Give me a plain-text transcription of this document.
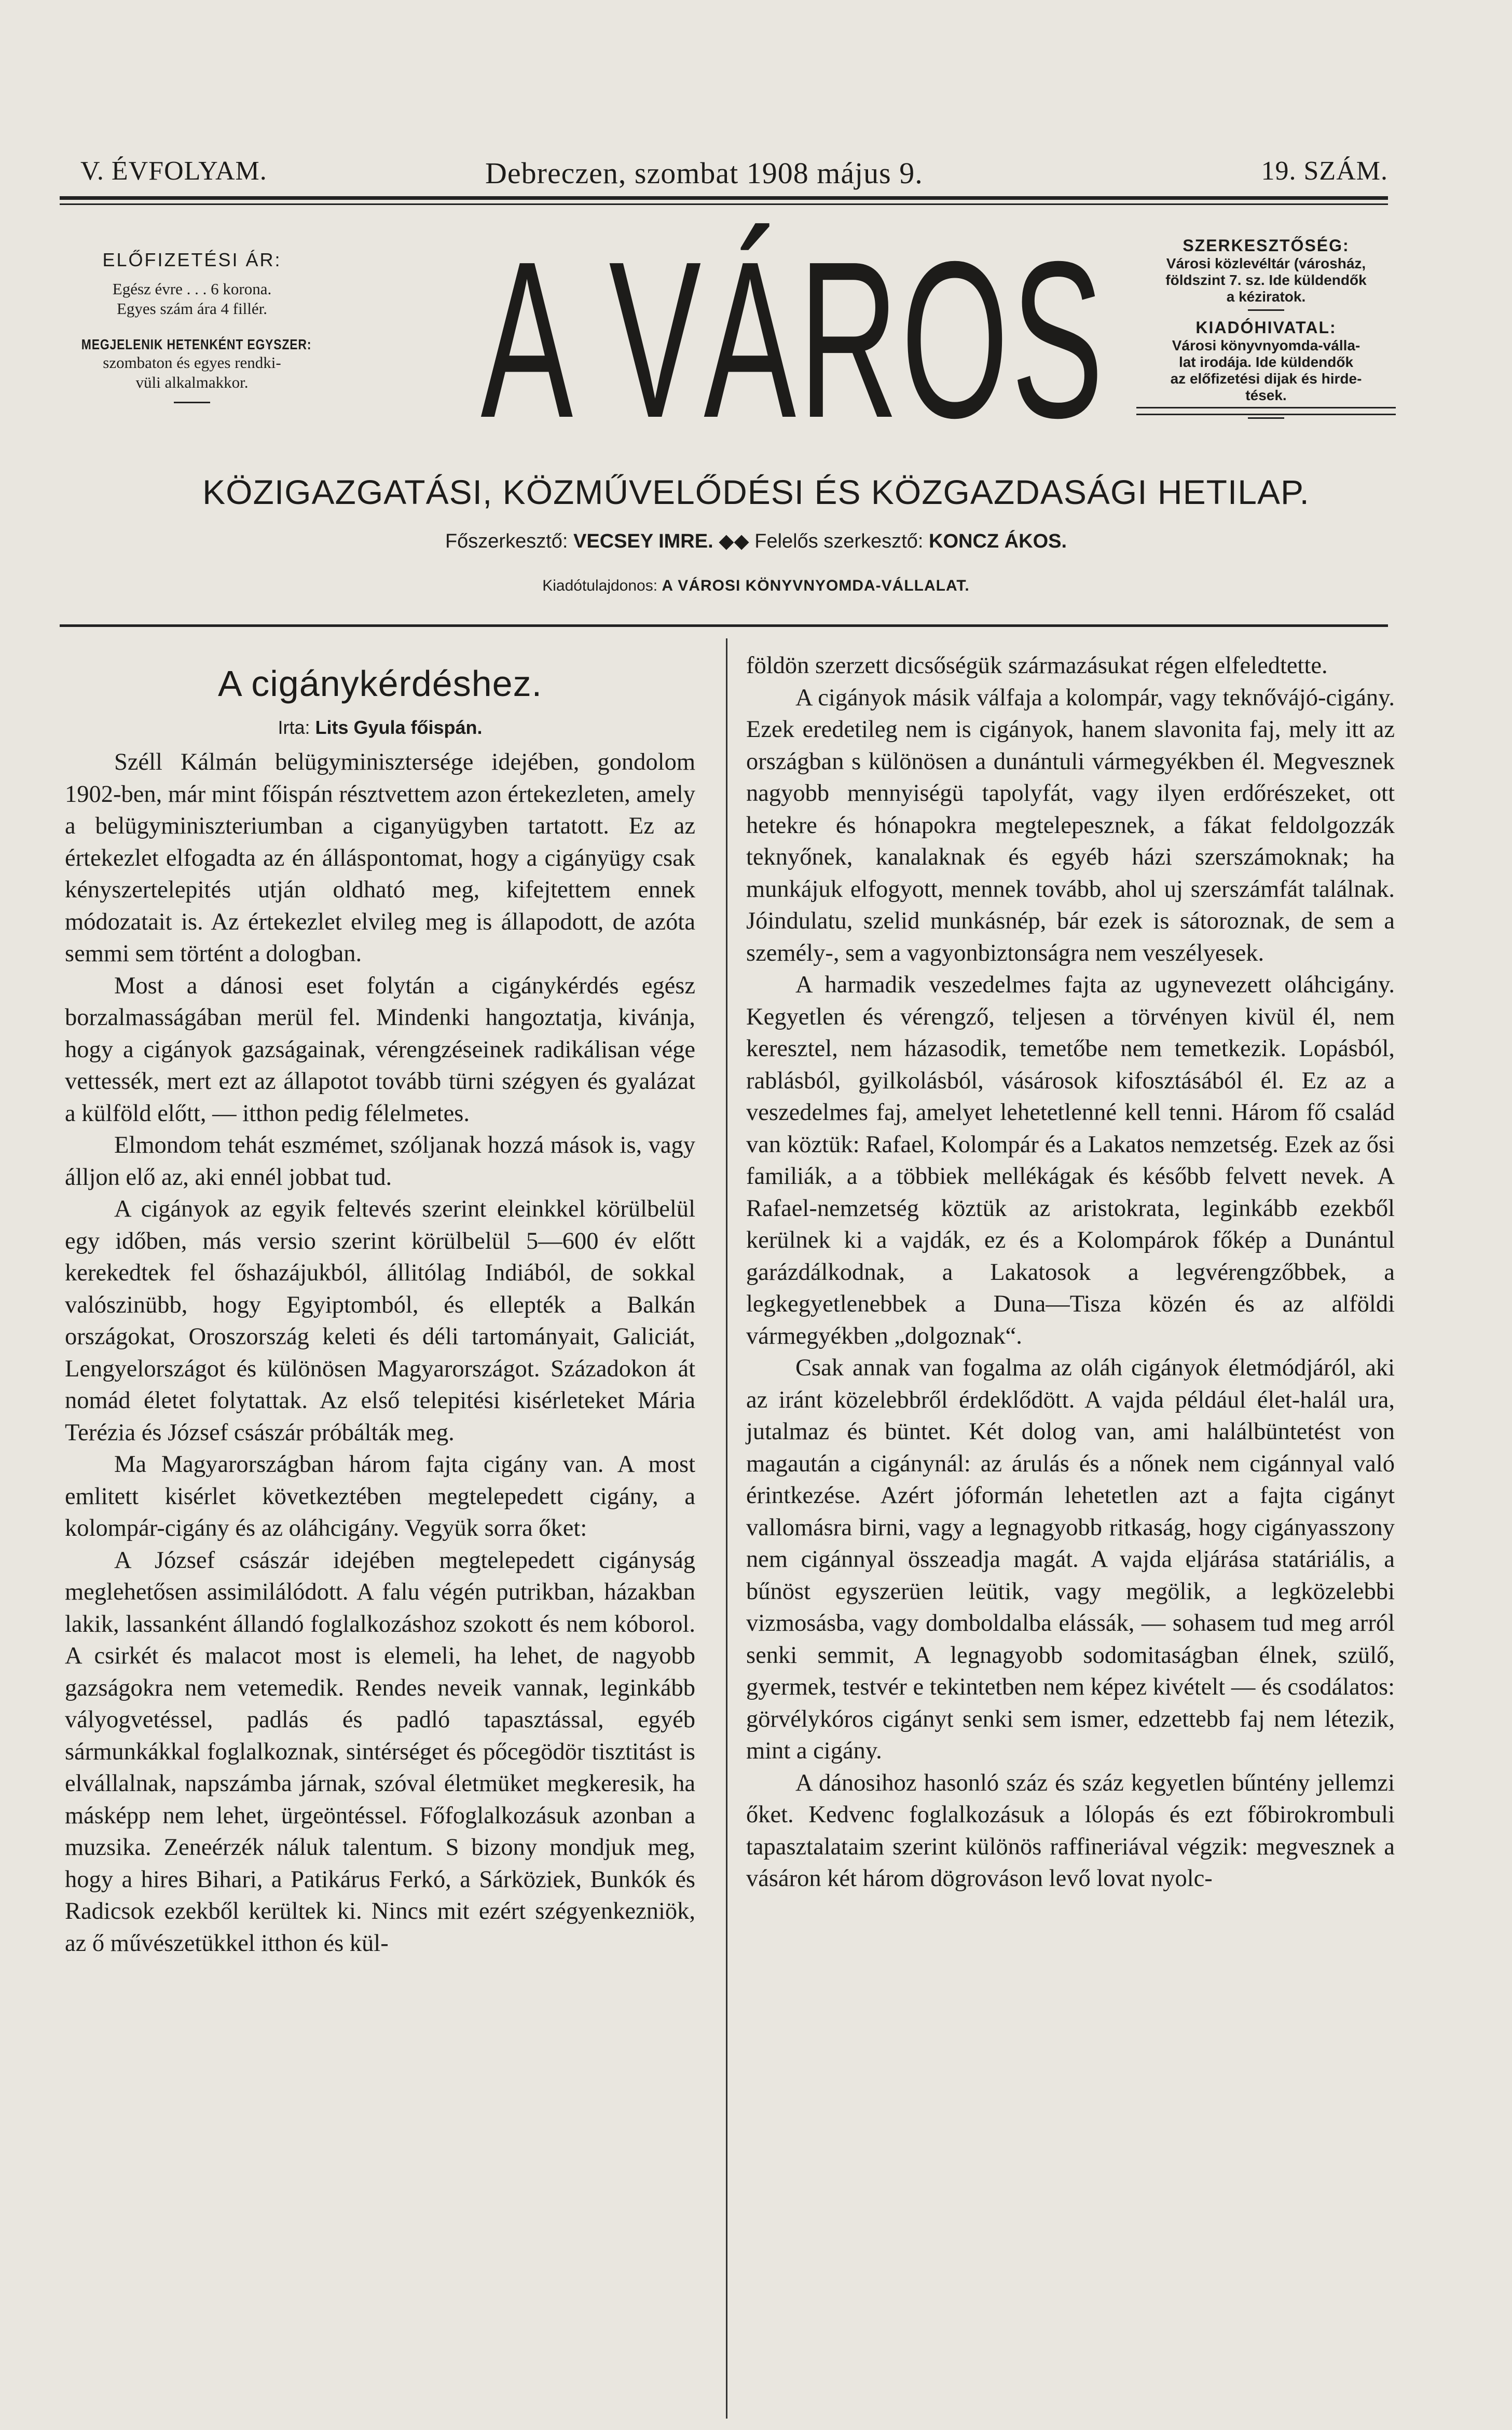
V. ÉVFOLYAM.	Debreczen, szombat 1908 május 9.	19. SZÁM.
ELŐFIZETÉSI ÁR:
Egész évre . . . 6 korona.
Egyes szám ára 4 fillér.
MEGJELENIK HETENKÉNT EGYSZER:
szombaton és egyes rendki-
vüli alkalmakkor.	A VÁROS	SZERKESZTŐSÉG:
Városi közlevéltár (városház,
földszint 7. sz. Ide küldendők
a kéziratok.
KIADÓHIVATAL:
Városi könyvnyomda-válla-
lat irodája. Ide küldendők
az előfizetési dijak és hirde-
tések.
KÖZIGAZGATÁSI, KÖZMŰVELŐDÉSI ÉS KÖZGAZDASÁGI HETILAP.
Főszerkesztő: VECSEY IMRE. ◆◆ Felelős szerkesztő: KONCZ ÁKOS.
Kiadótulajdonos: A VÁROSI KÖNYVNYOMDA-VÁLLALAT.
A cigánykérdéshez.
Irta: Lits Gyula főispán.

Széll Kálmán belügyminisztersége idejében, gondolom 1902-ben, már mint főispán résztvettem azon értekezleten, amely a belügyminiszteriumban a ciganyügyben tartatott. Ez az értekezlet elfogadta az én álláspontomat, hogy a cigányügy csak kényszertelepités utján oldható meg, kifejtettem ennek módozatait is. Az értekezlet elvileg meg is állapodott, de azóta semmi sem történt a dologban.

Most a dánosi eset folytán a cigánykérdés egész borzalmasságában merül fel. Mindenki hangoztatja, kivánja, hogy a cigányok gazságainak, vérengzéseinek radikálisan vége vettessék, mert ezt az állapotot tovább türni szégyen és gyalázat a külföld előtt, — itthon pedig félelmetes.

Elmondom tehát eszmémet, szóljanak hozzá mások is, vagy álljon elő az, aki ennél jobbat tud.

A cigányok az egyik feltevés szerint eleinkkel körülbelül egy időben, más versio szerint körülbelül 5—600 év előtt kerekedtek fel őshazájukból, állitólag Indiából, de sokkal valószinübb, hogy Egyiptomból, és ellepték a Balkán országokat, Oroszország keleti és déli tartományait, Galiciát, Lengyelországot és különösen Magyarországot. Századokon át nomád életet folytattak. Az első telepitési kisérleteket Mária Terézia és József császár próbálták meg.

Ma Magyarországban három fajta cigány van. A most emlitett kisérlet következtében megtelepedett cigány, a kolompár-cigány és az oláhcigány. Vegyük sorra őket:

A József császár idejében megtelepedett cigányság meglehetősen assimilálódott. A falu végén putrikban, házakban lakik, lassanként állandó foglalkozáshoz szokott és nem kóborol. A csirkét és malacot most is elemeli, ha lehet, de nagyobb gazságokra nem vetemedik. Rendes neveik vannak, leginkább vályogvetéssel, padlás és padló tapasztással, egyéb sármunkákkal foglalkoznak, sintérséget és pőcegödör tisztitást is elvállalnak, napszámba járnak, szóval életmüket megkeresik, ha másképp nem lehet, ürgeöntéssel. Főfoglalkozásuk azonban a muzsika. Zeneérzék náluk talentum. S bizony mondjuk meg, hogy a hires Bihari, a Patikárus Ferkó, a Sárköziek, Bunkók és Radicsok ezekből kerültek ki. Nincs mit ezért szégyenkezniök, az ő művészetükkel itthon és kül-

földön szerzett dicsőségük származásukat régen elfeledtette.

A cigányok másik válfaja a kolompár, vagy teknővájó-cigány. Ezek eredetileg nem is cigányok, hanem slavonita faj, mely itt az országban s különösen a dunántuli vármegyékben él. Megvesznek nagyobb mennyiségü tapolyfát, vagy ilyen erdőrészeket, ott hetekre és hónapokra megtelepesznek, a fákat feldolgozzák teknyőnek, kanalaknak és egyéb házi szerszámoknak; ha munkájuk elfogyott, mennek tovább, ahol uj szerszámfát találnak. Jóindulatu, szelid munkásnép, bár ezek is sátoroznak, de sem a személy-, sem a vagyonbiztonságra nem veszélyesek.

A harmadik veszedelmes fajta az ugynevezett oláhcigány. Kegyetlen és vérengző, teljesen a törvényen kivül él, nem keresztel, nem házasodik, temetőbe nem temetkezik. Lopásból, rablásból, gyilkolásból, vásárosok kifosztásából él. Ez az a veszedelmes faj, amelyet lehetetlenné kell tenni. Három fő család van köztük: Rafael, Kolompár és a Lakatos nemzetség. Ezek az ősi familiák, a a többiek mellékágak és később felvett nevek. A Rafael-nemzetség köztük az aristokrata, leginkább ezekből kerülnek ki a vajdák, ez és a Kolompárok főkép a Dunántul garázdálkodnak, a Lakatosok a legvérengzőbbek, a legkegyetlenebbek a Duna—Tisza közén és az alföldi vármegyékben „dolgoznak“.

Csak annak van fogalma az oláh cigányok életmódjáról, aki az iránt közelebbről érdeklődött. A vajda például élet-halál ura, jutalmaz és büntet. Két dolog van, ami halálbüntetést von magaután a cigánynál: az árulás és a nőnek nem cigánnyal való érintkezése. Azért jóformán lehetetlen azt a fajta cigányt vallomásra birni, vagy a legnagyobb ritkaság, hogy cigányasszony nem cigánnyal összeadja magát. A vajda eljárása statáriális, a bűnöst egyszerüen leütik, vagy megölik, a legközelebbi vizmosásba, vagy domboldalba elássák, — sohasem tud meg arról senki semmit, A legnagyobb sodomitaságban élnek, szülő, gyermek, testvér e tekintetben nem képez kivételt — és csodálatos: görvélykóros cigányt senki sem ismer, edzettebb faj nem létezik, mint a cigány.

A dánosihoz hasonló száz és száz kegyetlen bűntény jellemzi őket. Kedvenc foglalkozásuk a lólopás és ezt főbirokrombuli tapasztalataim szerint különös raffineriával végzik: megvesznek a vásáron két három dögrováson levő lovat nyolc-
